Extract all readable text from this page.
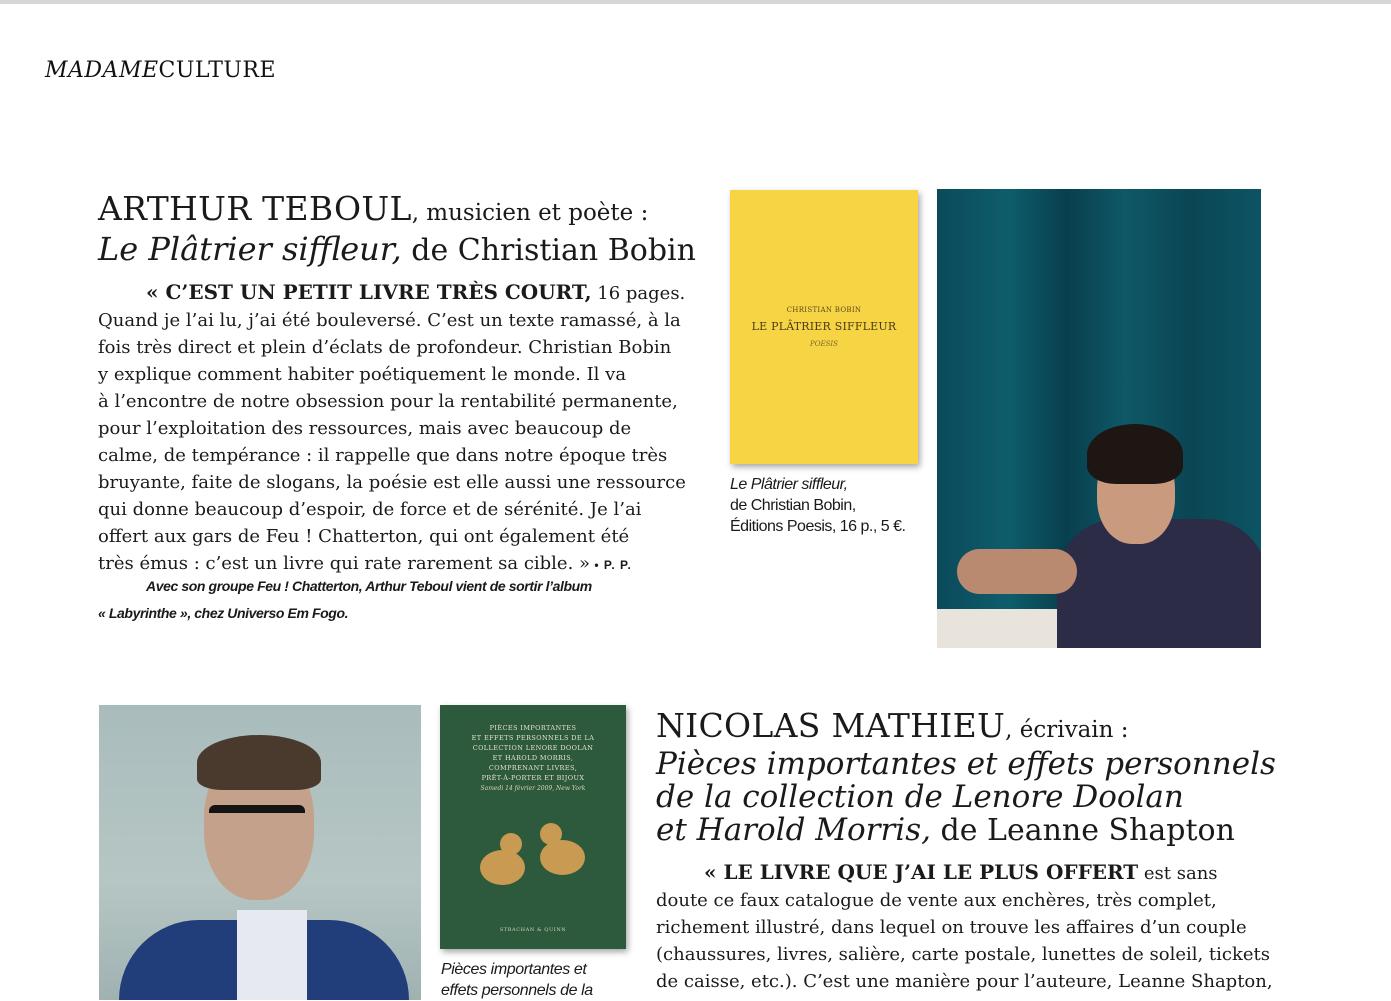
MADAMECULTURE
ARTHUR TEBOUL, musicien et poète :
Le Plâtrier siffleur, de Christian Bobin
« C’EST UN PETIT LIVRE TRÈS COURT, 16 pages.
Quand je l’ai lu, j’ai été bouleversé. C’est un texte ramassé, à la
fois très direct et plein d’éclats de profondeur. Christian Bobin
y explique comment habiter poétiquement le monde. Il va
à l’encontre de notre obsession pour la rentabilité permanente,
pour l’exploitation des ressources, mais avec beaucoup de
calme, de tempérance : il rappelle que dans notre époque très
bruyante, faite de slogans, la poésie est elle aussi une ressource
qui donne beaucoup d’espoir, de force et de sérénité. Je l’ai
offert aux gars de Feu ! Chatterton, qui ont également été
très émus : c’est un livre qui rate rarement sa cible. » • P. P.
Avec son groupe Feu ! Chatterton, Arthur Teboul vient de sortir l’album
« Labyrinthe », chez Universo Em Fogo.
CHRISTIAN BOBIN
LE PLÂTRIER SIFFLEUR
POESIS
Le Plâtrier siffleur,
de Christian Bobin,
Éditions Poesis, 16 p., 5 €.
PIÈCES IMPORTANTES
ET EFFETS PERSONNELS DE LA
COLLECTION LENORE DOOLAN
ET HAROLD MORRIS,
COMPRENANT LIVRES,
PRÊT-À-PORTER ET BIJOUX
Samedi 14 février 2009, New York
STRACHAN & QUINN
Pièces importantes et
effets personnels de la
NICOLAS MATHIEU, écrivain :
Pièces importantes et effets personnels
de la collection de Lenore Doolan
et Harold Morris, de Leanne Shapton
« LE LIVRE QUE J’AI LE PLUS OFFERT est sans
doute ce faux catalogue de vente aux enchères, très complet,
richement illustré, dans lequel on trouve les affaires d’un couple
(chaussures, livres, salière, carte postale, lunettes de soleil, tickets
de caisse, etc.). C’est une manière pour l’auteure, Leanne Shapton,
